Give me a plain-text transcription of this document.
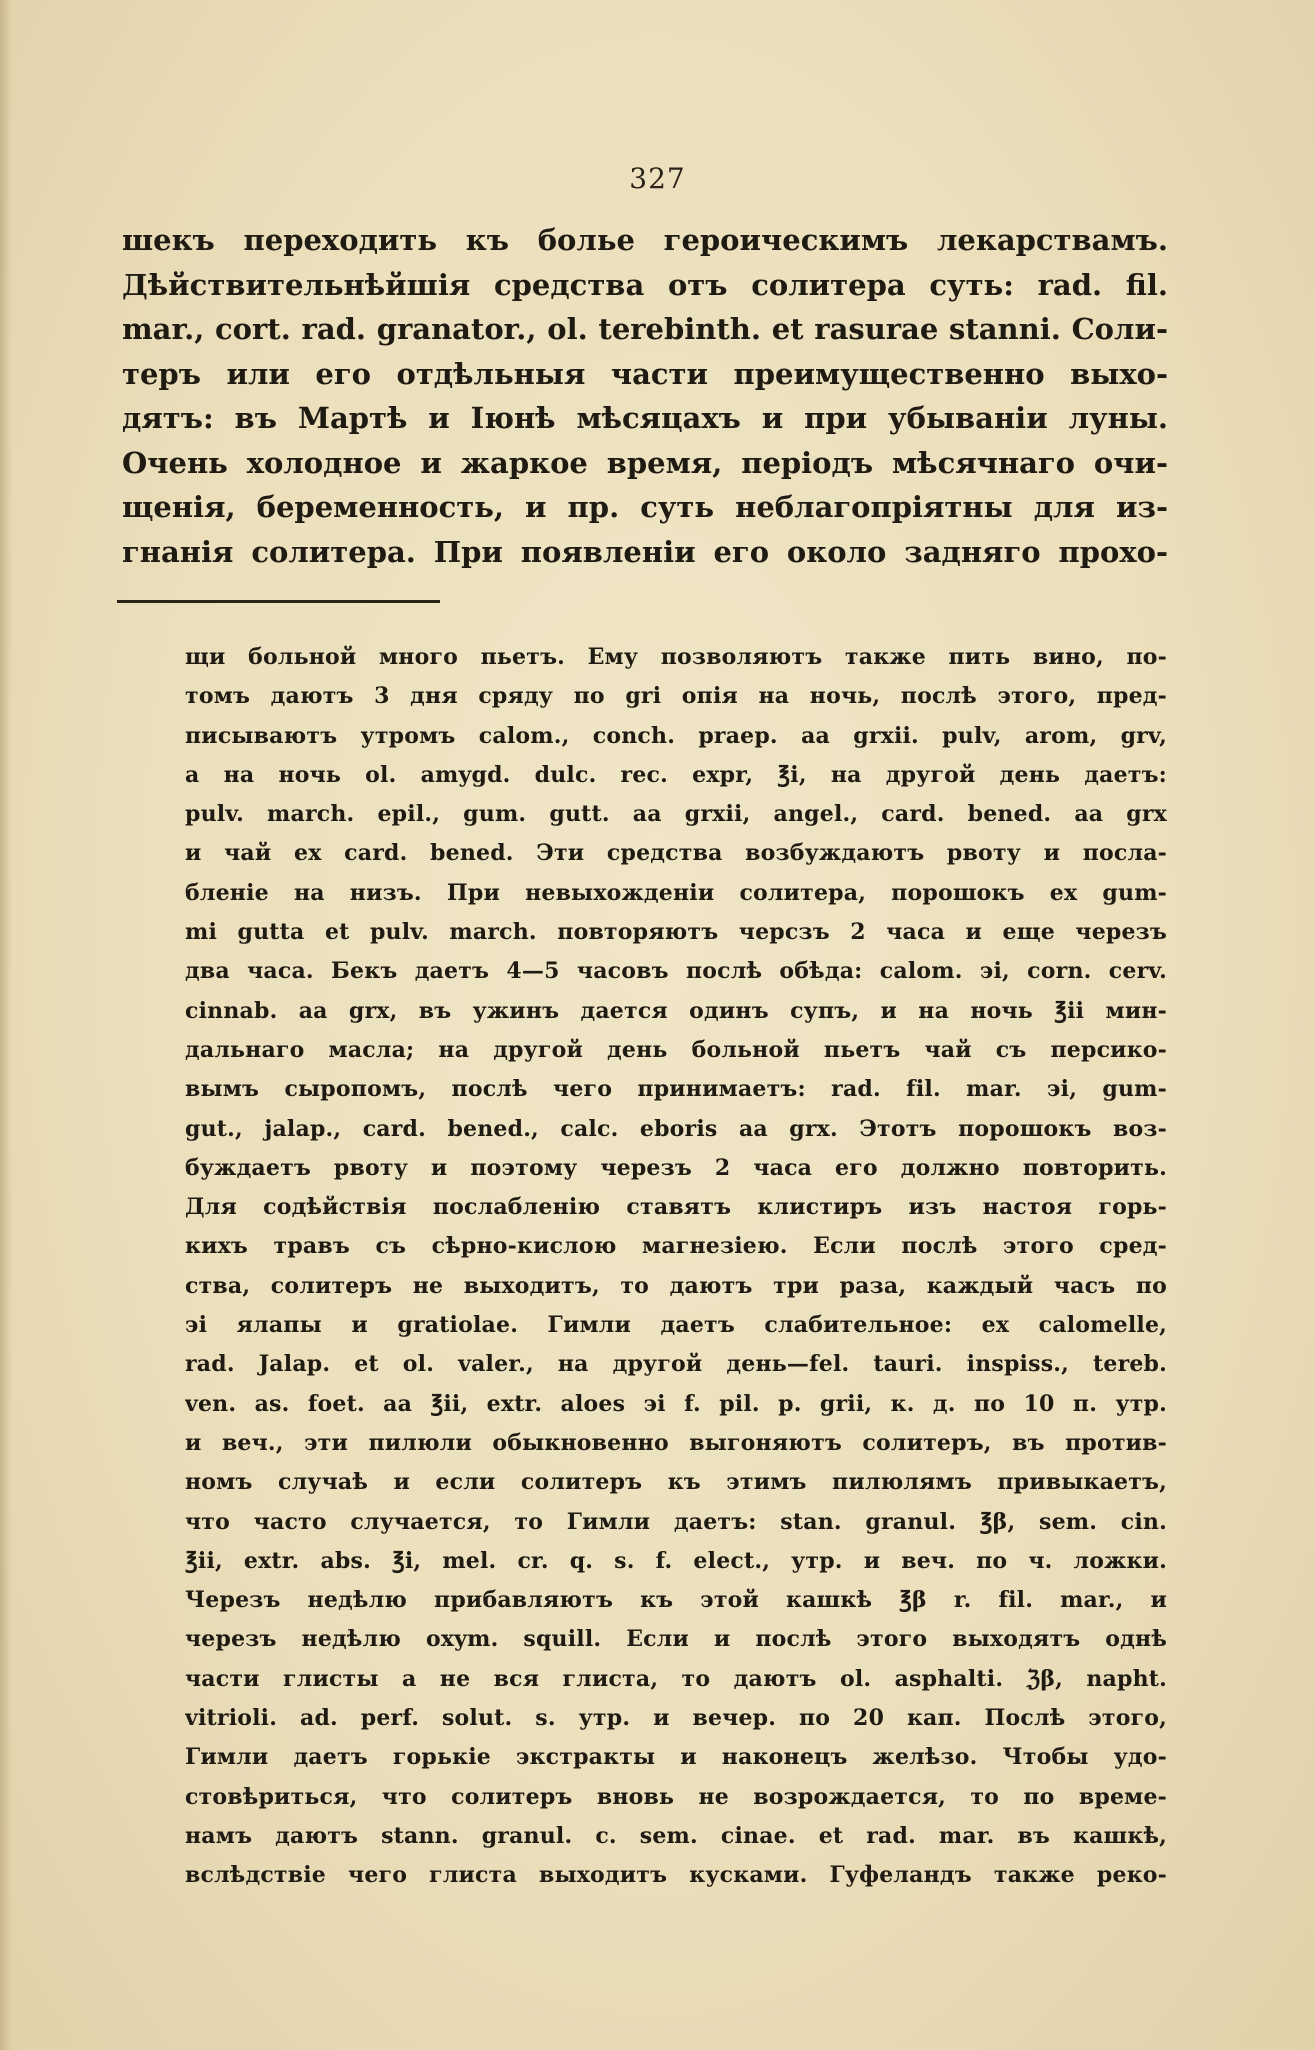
327
шекъ переходить къ болье героическимъ лекарствамъ.
Дѣйствительнѣйшія средства отъ солитера суть: rad. fil.
mar., cort. rad. granator., ol. terebinth. et rasurae stanni. Соли-
теръ или его отдѣльныя части преимущественно выхо-
дятъ: въ Мартѣ и Іюнѣ мѣсяцахъ и при убываніи луны.
Очень холодное и жаркое время, періодъ мѣсячнаго очи-
щенія, беременность, и пр. суть неблагопріятны для из-
гнанія солитера. При появленіи его около задняго прохо-
щи больной много пьетъ. Ему позволяютъ также пить вино, по-
томъ даютъ 3 дня сряду по gri опія на ночь, послѣ этого, пред-
писываютъ утромъ calom., conch. praep. aa grxii. pulv, arom, grv,
а на ночь ol. amygd. dulc. rec. expr, ℥i, на другой день даетъ:
pulv. march. epil., gum. gutt. aa grxii, angel., card. bened. aa grx
и чай ex card. bened. Эти средства возбуждаютъ рвоту и посла-
бленіе на низъ. При невыхожденіи солитера, порошокъ ex gum-
mi gutta et pulv. march. повторяютъ черсзъ 2 часа и еще черезъ
два часа. Бекъ даетъ 4—5 часовъ послѣ обѣда: calom. ϶i, corn. cerv.
cinnab. aa grx, въ ужинъ дается одинъ супъ, и на ночь ℥ii мин-
дальнаго масла; на другой день больной пьетъ чай съ персико-
вымъ сыропомъ, послѣ чего принимаетъ: rad. fil. mar. ϶i, gum-
gut., jalap., card. bened., calc. eboris aa grx. Этотъ порошокъ воз-
буждаетъ рвоту и поэтому черезъ 2 часа его должно повторить.
Для содѣйствія послабленію ставятъ клистиръ изъ настоя горь-
кихъ травъ съ сѣрно-кислою магнезіею. Если послѣ этого сред-
ства, солитеръ не выходитъ, то даютъ три раза, каждый часъ по
϶i ялапы и gratiolae. Гимли даетъ слабительное: ex calomelle,
rad. Jalap. et ol. valer., на другой день—fel. tauri. inspiss., tereb.
ven. as. foet. aa ℥ii, extr. aloes ϶i f. pil. p. grii, к. д. по 10 п. утр.
и веч., эти пилюли обыкновенно выгоняютъ солитеръ, въ против-
номъ случаѣ и если солитеръ къ этимъ пилюлямъ привыкаетъ,
что часто случается, то Гимли даетъ: stan. granul. ℥β, sem. cin.
℥ii, extr. abs. ℥i, mel. cr. q. s. f. elect., утр. и веч. по ч. ложки.
Черезъ недѣлю прибавляютъ къ этой кашкѣ ℥β r. fil. mar., и
черезъ недѣлю oxym. squill. Если и послѣ этого выходятъ однѣ
части глисты а не вся глиста, то даютъ ol. asphalti. ℨβ, napht.
vitrioli. ad. perf. solut. s. утр. и вечер. по 20 кап. Послѣ этого,
Гимли даетъ горькіе экстракты и наконецъ желѣзо. Чтобы удо-
стовѣриться, что солитеръ вновь не возрождается, то по време-
намъ даютъ stann. granul. c. sem. cinae. et rad. mar. въ кашкѣ,
вслѣдствіе чего глиста выходитъ кусками. Гуфеландъ также реко-
